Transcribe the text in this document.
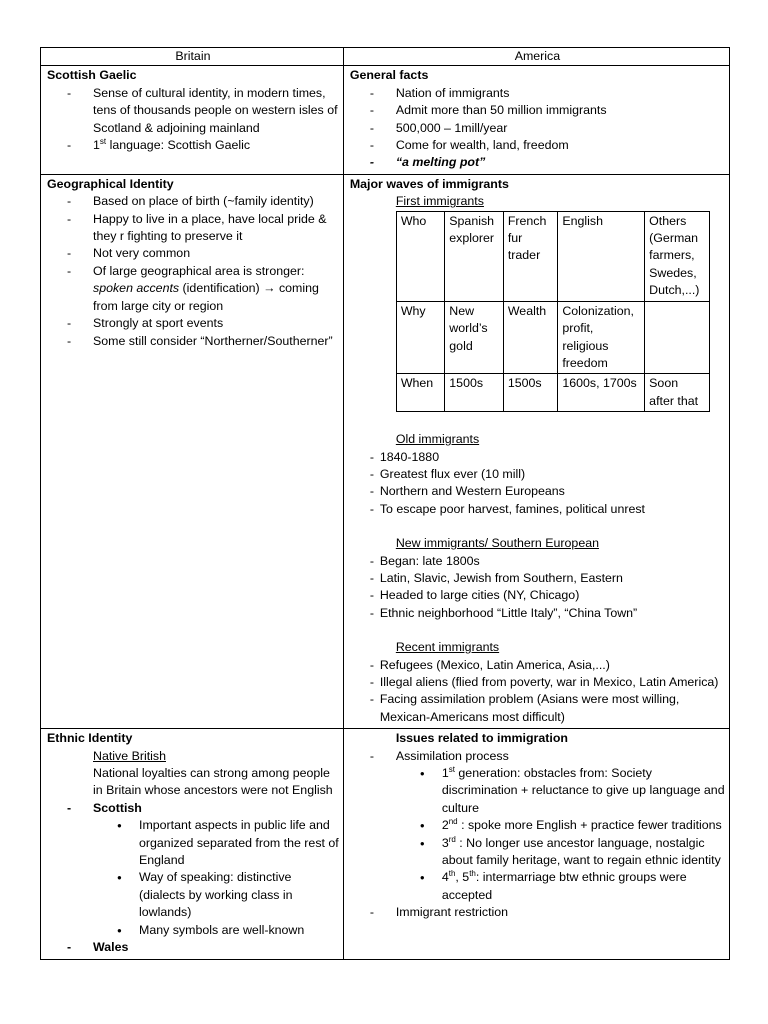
Britain	America

Scottish Gaelic
- Sense of cultural identity, in modern times, tens of thousands people on western isles of Scotland & adjoining mainland
- 1st language: Scottish Gaelic

General facts
- Nation of immigrants
- Admit more than 50 million immigrants
- 500,000 – 1mill/year
- Come for wealth, land, freedom
- “a melting pot”

Geographical Identity
- Based on place of birth (~family identity)
- Happy to live in a place, have local pride & they r fighting to preserve it
- Not very common
- Of large geographical area is stronger: spoken accents (identification) → coming from large city or region
- Strongly at sport events
- Some still consider “Northerner/Southerner”

Major waves of immigrants
First immigrants
Who	Spanish explorer	French fur trader	English	Others (German farmers, Swedes, Dutch,...)
Why	New world’s gold	Wealth	Colonization, profit, religious freedom	
When	1500s	1500s	1600s, 1700s	Soon after that
Old immigrants
- 1840-1880
- Greatest flux ever (10 mill)
- Northern and Western Europeans
- To escape poor harvest, famines, political unrest
New immigrants/ Southern European
- Began: late 1800s
- Latin, Slavic, Jewish from Southern, Eastern
- Headed to large cities (NY, Chicago)
- Ethnic neighborhood “Little Italy”, “China Town”
Recent immigrants
- Refugees (Mexico, Latin America, Asia,...)
- Illegal aliens (flied from poverty, war in Mexico, Latin America)
- Facing assimilation problem (Asians were most willing, Mexican-Americans most difficult)

Ethnic Identity
Native British
National loyalties can strong among people in Britain whose ancestors were not English
- Scottish
● Important aspects in public life and organized separated from the rest of England
● Way of speaking: distinctive (dialects by working class in lowlands)
● Many symbols are well-known
- Wales

Issues related to immigration
- Assimilation process
● 1st generation: obstacles from: Society discrimination + reluctance to give up language and culture
● 2nd : spoke more English + practice fewer traditions
● 3rd : No longer use ancestor language, nostalgic about family heritage, want to regain ethnic identity
● 4th, 5th: intermarriage btw ethnic groups were accepted
- Immigrant restriction
